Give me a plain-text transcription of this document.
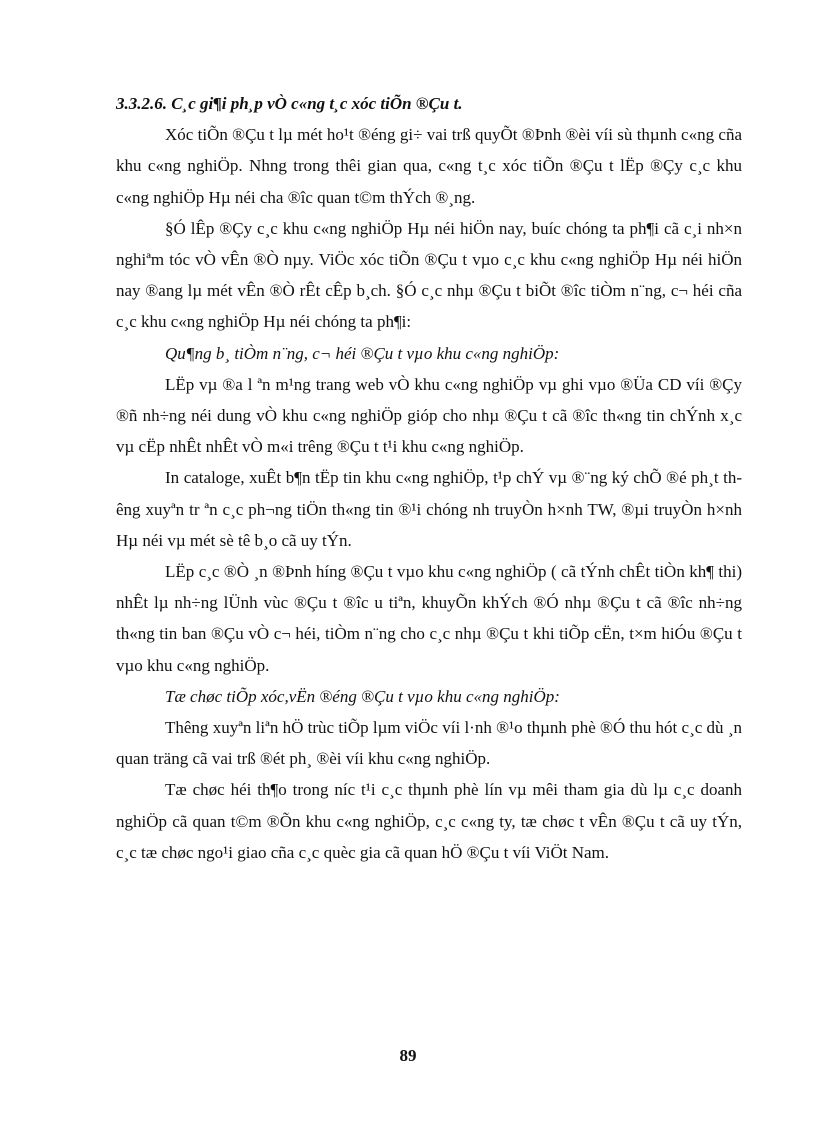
3.3.2.6. C¸c gi¶i ph¸p vÒ c«ng t¸c xóc tiÕn ®Çu t.

Xóc tiÕn ®Çu t lµ mét ho¹t ®éng gi÷ vai trß quyÕt ®Þnh ®èi víi sù thµnh c«ng cña khu c«ng nghiÖp. Nhng trong thêi gian qua, c«ng t¸c xóc tiÕn ®Çu t lËp ®Çy c¸c khu c«ng nghiÖp Hµ néi cha ®îc quan t©m thÝch ®¸ng.

§Ó lÊp ®Çy c¸c khu c«ng nghiÖp Hµ néi hiÖn nay, buíc chóng ta ph¶i cã c¸i nh×n nghiªm tóc vÒ vÊn ®Ò nµy. ViÖc xóc tiÕn ®Çu t vµo c¸c khu c«ng nghiÖp Hµ néi hiÖn nay ®ang lµ mét vÊn ®Ò rÊt cÊp b¸ch. §Ó c¸c nhµ ®Çu t biÕt ®îc tiÒm n¨ng, c¬ héi cña c¸c khu c«ng nghiÖp Hµ néi chóng ta ph¶i:

Qu¶ng b¸ tiÒm n¨ng, c¬ héi ®Çu t vµo khu c«ng nghiÖp:

LËp vµ ®a l ªn m¹ng trang web vÒ khu c«ng nghiÖp vµ ghi vµo ®Üa CD víi ®Çy ®ñ nh÷ng néi dung vÒ khu c«ng nghiÖp gióp cho nhµ ®Çu t cã ®îc th«ng tin chÝnh x¸c vµ cËp nhÊt nhÊt vÒ m«i trêng ®Çu t t¹i khu c«ng nghiÖp.

In cataloge, xuÊt b¶n tËp tin khu c«ng nghiÖp, t¹p chÝ vµ ®¨ng ký chÕ ®é ph¸t thêng xuyªn tr ªn c¸c ph¬ng tiÖn th«ng tin ®¹i chóng nh truyÒn h×nh TW, ®µi truyÒn h×nh Hµ néi vµ mét sè tê b¸o cã uy tÝn.

LËp c¸c ®Ò ¸n ®Þnh híng ®Çu t vµo khu c«ng nghiÖp ( cã tÝnh chÊt tiÒn kh¶ thi) nhÊt lµ nh÷ng lÜnh vùc ®Çu t ®îc u tiªn, khuyÕn khÝch ®Ó nhµ ®Çu t cã ®îc nh÷ng th«ng tin ban ®Çu vÒ c¬ héi, tiÒm n¨ng cho c¸c nhµ ®Çu t khi tiÕp cËn, t×m hiÓu ®Çu t vµo khu c«ng nghiÖp.

Tæ chøc tiÕp xóc,vËn ®éng ®Çu t vµo khu c«ng nghiÖp:

Thêng xuyªn liªn hÖ trùc tiÕp lµm viÖc víi l·nh ®¹o thµnh phè ®Ó thu hót c¸c dù ¸n quan träng cã vai trß ®ét ph¸ ®èi víi khu c«ng nghiÖp.

Tæ chøc héi th¶o trong níc t¹i c¸c thµnh phè lín vµ mêi tham gia dù lµ c¸c doanh nghiÖp cã quan t©m ®Õn khu c«ng nghiÖp, c¸c c«ng ty, tæ chøc t vÊn ®Çu t cã uy tÝn, c¸c tæ chøc ngo¹i giao cña c¸c quèc gia cã quan hÖ ®Çu t víi ViÖt Nam.

89
